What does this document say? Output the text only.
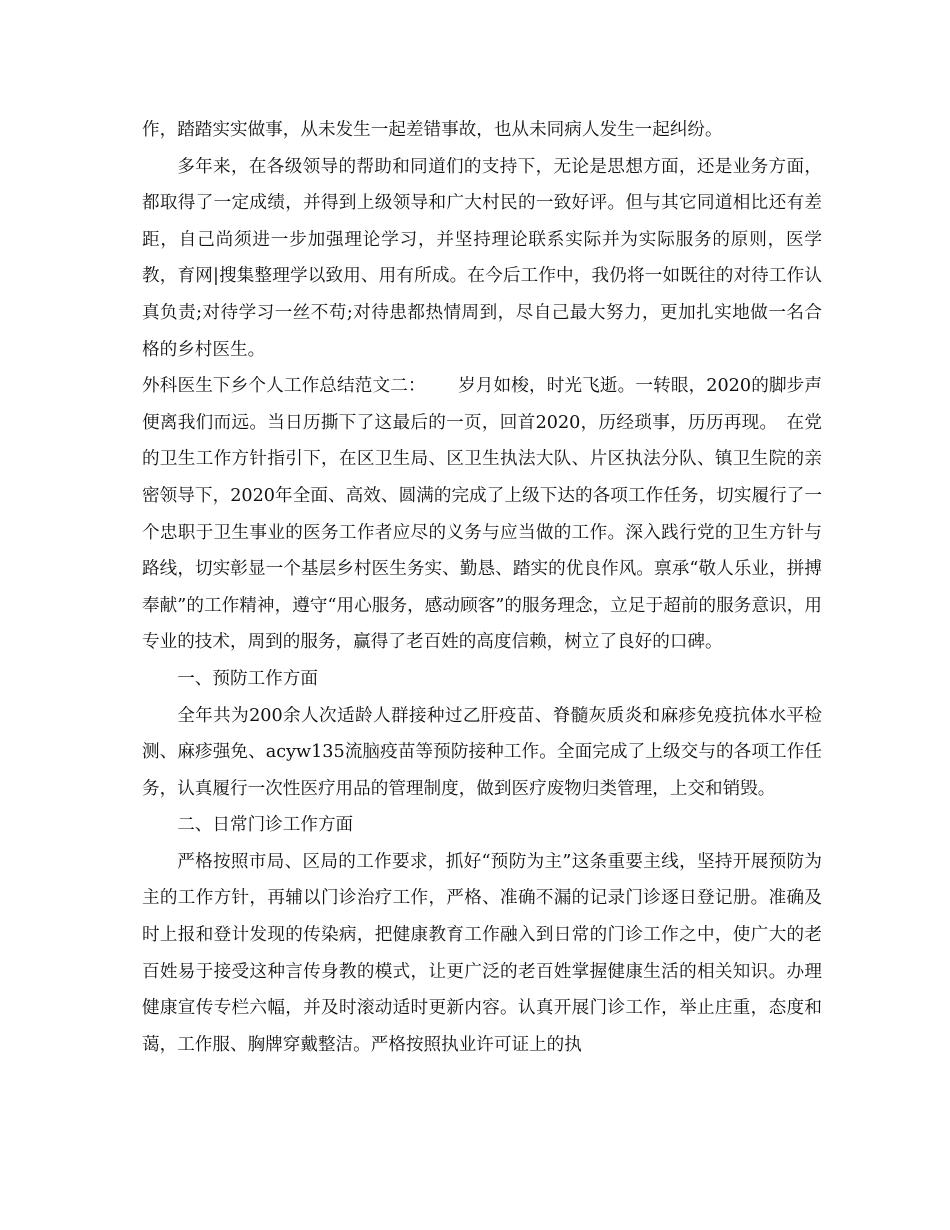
作，踏踏实实做事，从未发生一起差错事故，也从未同病人发生一起纠纷。

多年来，在各级领导的帮助和同道们的支持下，无论是思想方面，还是业务方面，都取得了一定成绩，并得到上级领导和广大村民的一致好评。但与其它同道相比还有差距，自己尚须进一步加强理论学习，并坚持理论联系实际并为实际服务的原则，医学教，育网|搜集整理学以致用、用有所成。在今后工作中，我仍将一如既往的对待工作认真负责;对待学习一丝不苟;对待患都热情周到，尽自己最大努力，更加扎实地做一名合格的乡村医生。

外科医生下乡个人工作总结范文二：　　 岁月如梭，时光飞逝。一转眼，2020的脚步声便离我们而远。当日历撕下了这最后的一页，回首2020，历经琐事，历历再现。　在党的卫生工作方针指引下，在区卫生局、区卫生执法大队、片区执法分队、镇卫生院的亲密领导下，2020年全面、高效、圆满的完成了上级下达的各项工作任务，切实履行了一个忠职于卫生事业的医务工作者应尽的义务与应当做的工作。深入践行党的卫生方针与路线，切实彰显一个基层乡村医生务实、勤恳、踏实的优良作风。禀承“敬人乐业，拼搏奉献”的工作精神，遵守“用心服务，感动顾客”的服务理念，立足于超前的服务意识，用专业的技术，周到的服务，赢得了老百姓的高度信赖，树立了良好的口碑。

一、预防工作方面

全年共为200余人次适龄人群接种过乙肝疫苗、脊髓灰质炎和麻疹免疫抗体水平检测、麻疹强免、acyw135流脑疫苗等预防接种工作。全面完成了上级交与的各项工作任务，认真履行一次性医疗用品的管理制度，做到医疗废物归类管理，上交和销毁。

二、日常门诊工作方面

严格按照市局、区局的工作要求，抓好“预防为主”这条重要主线，坚持开展预防为主的工作方针，再辅以门诊治疗工作，严格、准确不漏的记录门诊逐日登记册。准确及时上报和登计发现的传染病，把健康教育工作融入到日常的门诊工作之中，使广大的老百姓易于接受这种言传身教的模式，让更广泛的老百姓掌握健康生活的相关知识。办理健康宣传专栏六幅，并及时滚动适时更新内容。认真开展门诊工作，举止庄重，态度和蔼，工作服、胸牌穿戴整洁。严格按照执业许可证上的执
